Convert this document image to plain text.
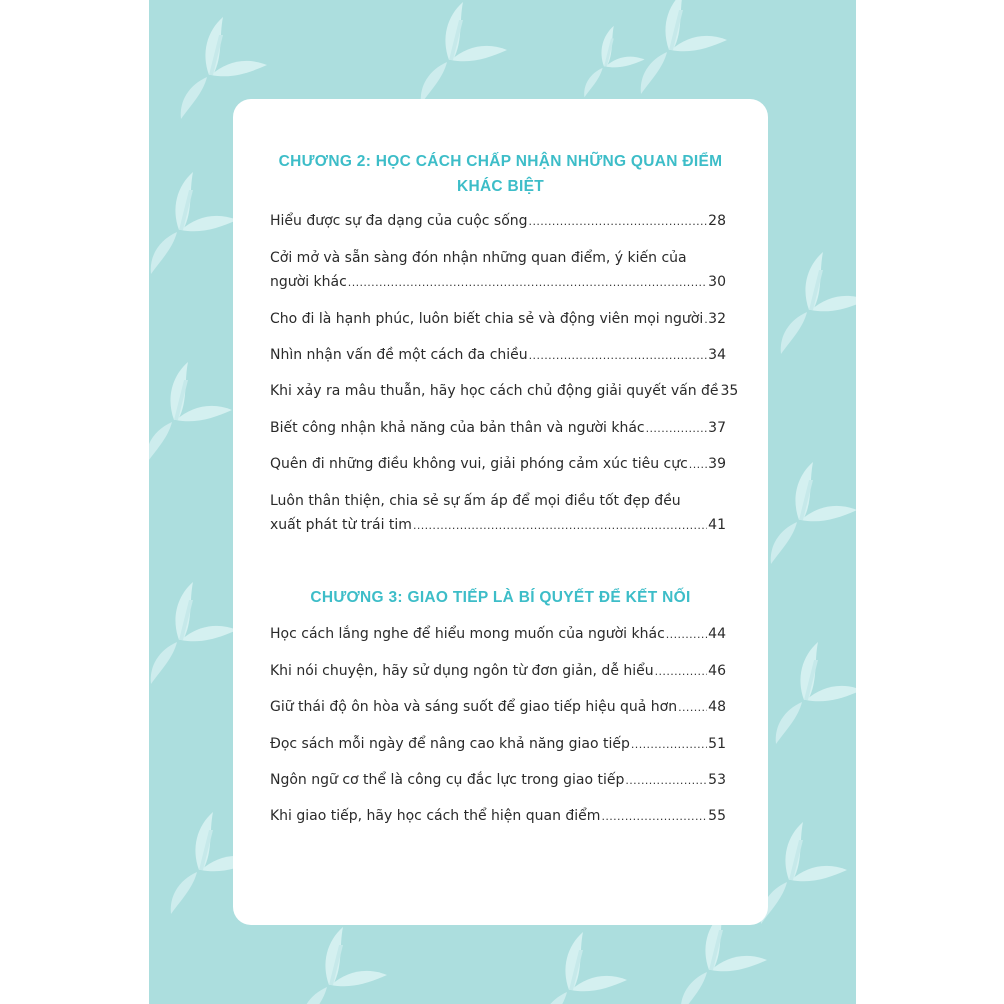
CHƯƠNG 2: HỌC CÁCH CHẤP NHẬN NHỮNG QUAN ĐIỂM
KHÁC BIỆT
Hiểu được sự đa dạng của cuộc sống .....	28
Cởi mở và sẵn sàng đón nhận những quan điểm, ý kiến của
người khác .....	30
Cho đi là hạnh phúc, luôn biết chia sẻ và động viên mọi người ..... 32
Nhìn nhận vấn đề một cách đa chiều .....	34
Khi xảy ra mâu thuẫn, hãy học cách chủ động giải quyết vấn đề 35
Biết công nhận khả năng của bản thân và người khác .....	37
Quên đi những điều không vui, giải phóng cảm xúc tiêu cực ..... 39
Luôn thân thiện, chia sẻ sự ấm áp để mọi điều tốt đẹp đều
xuất phát từ trái tim .....	41
CHƯƠNG 3: GIAO TIẾP LÀ BÍ QUYẾT ĐỂ KẾT NỐI
Học cách lắng nghe để hiểu mong muốn của người khác .....	44
Khi nói chuyện, hãy sử dụng ngôn từ đơn giản, dễ hiểu .....	46
Giữ thái độ ôn hòa và sáng suốt để giao tiếp hiệu quả hơn ..... 48
Đọc sách mỗi ngày để nâng cao khả năng giao tiếp .....	51
Ngôn ngữ cơ thể là công cụ đắc lực trong giao tiếp .....	53
Khi giao tiếp, hãy học cách thể hiện quan điểm .....	55
